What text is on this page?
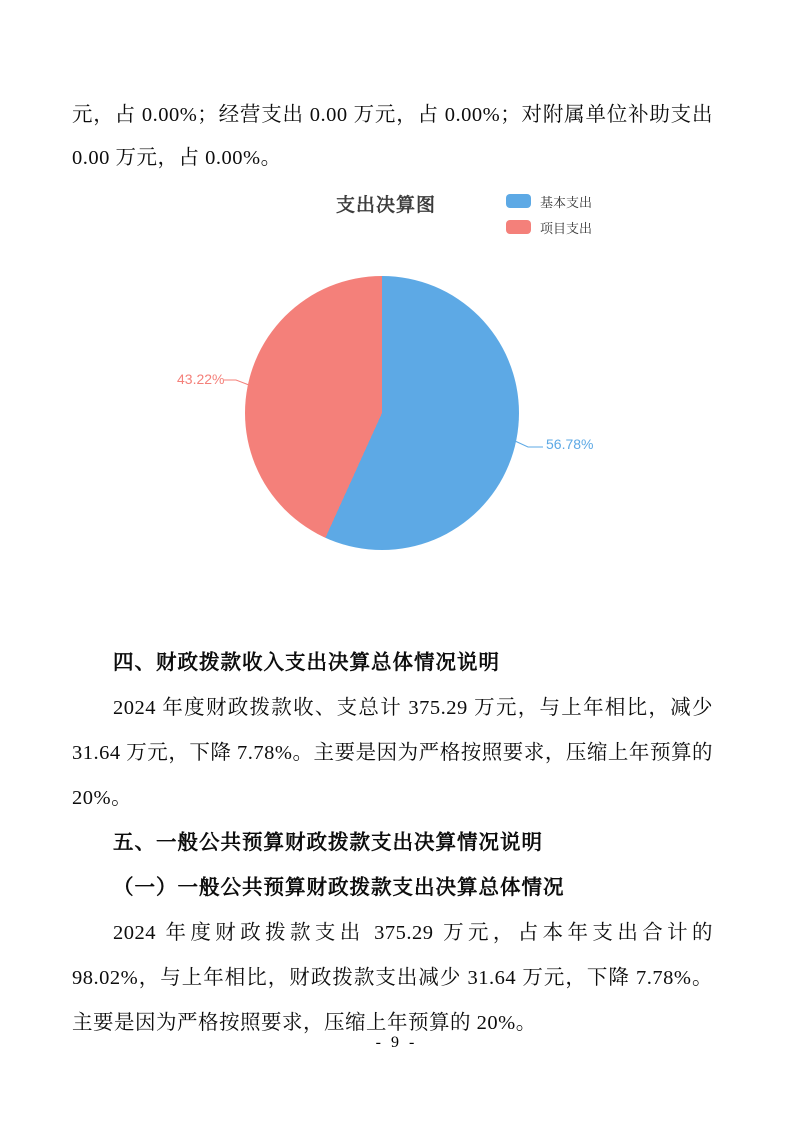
元，占 0.00%；经营支出 0.00 万元，占 0.00%；对附属单位补助支出
0.00 万元，占 0.00%。
支出决算图	基本支出
项目支出
43.22%
56.78%
四、财政拨款收入支出决算总体情况说明
2024 年度财政拨款收、支总计 375.29 万元，与上年相比，减少
31.64 万元，下降 7.78%。主要是因为严格按照要求，压缩上年预算的
20%。
五、一般公共预算财政拨款支出决算情况说明
（一）一般公共预算财政拨款支出决算总体情况
2024 年度财政拨款支出 375.29 万元，占本年支出合计的
98.02%，与上年相比，财政拨款支出减少 31.64 万元，下降 7.78%。
主要是因为严格按照要求，压缩上年预算的 20%。
- 9 -
